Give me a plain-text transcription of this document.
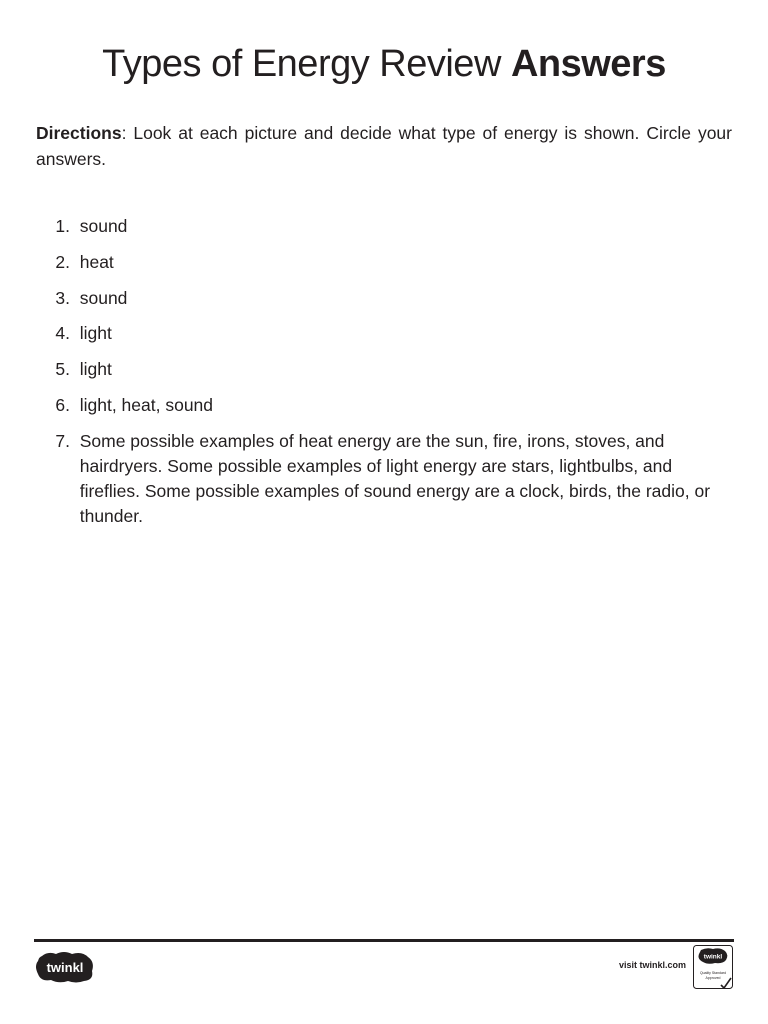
Types of Energy Review Answers
Directions: Look at each picture and decide what type of energy is shown. Circle your answers.
1.
sound
2.
heat
3.
sound
4.
light
5.
light
6.
light, heat, sound
7.
Some possible examples of heat energy are the sun, fire, irons, stoves, and hairdryers. Some possible examples of light energy are stars, lightbulbs, and fireflies. Some possible examples of sound energy are a clock, birds, the radio, or thunder.
twinkl	visit twinkl.com
twinkl
Quality Standard
Approved
